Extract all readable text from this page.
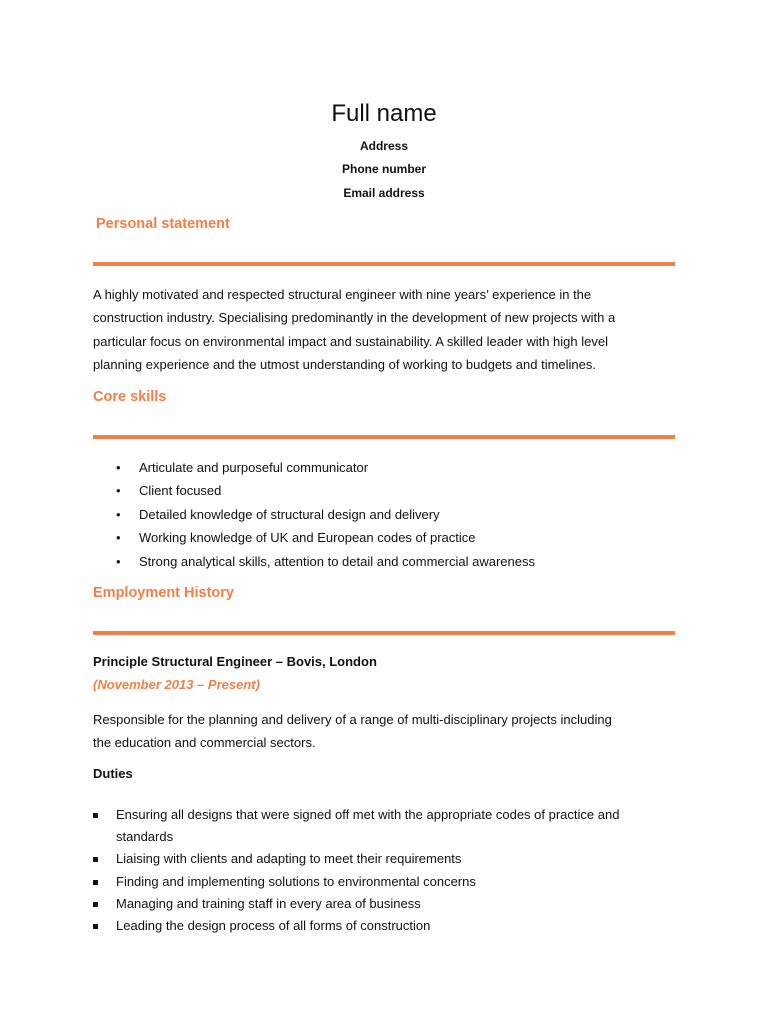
Full name
Address
Phone number
Email address
Personal statement
A highly motivated and respected structural engineer with nine years’ experience in the
construction industry. Specialising predominantly in the development of new projects with a
particular focus on environmental impact and sustainability. A skilled leader with high level
planning experience and the utmost understanding of working to budgets and timelines.
Core skills
• Articulate and purposeful communicator
• Client focused
• Detailed knowledge of structural design and delivery
• Working knowledge of UK and European codes of practice
• Strong analytical skills, attention to detail and commercial awareness
Employment History
Principle Structural Engineer – Bovis, London
(November 2013 – Present)
Responsible for the planning and delivery of a range of multi-disciplinary projects including
the education and commercial sectors.
Duties
Ensuring all designs that were signed off met with the appropriate codes of practice and
standards
Liaising with clients and adapting to meet their requirements
Finding and implementing solutions to environmental concerns
Managing and training staff in every area of business
Leading the design process of all forms of construction
